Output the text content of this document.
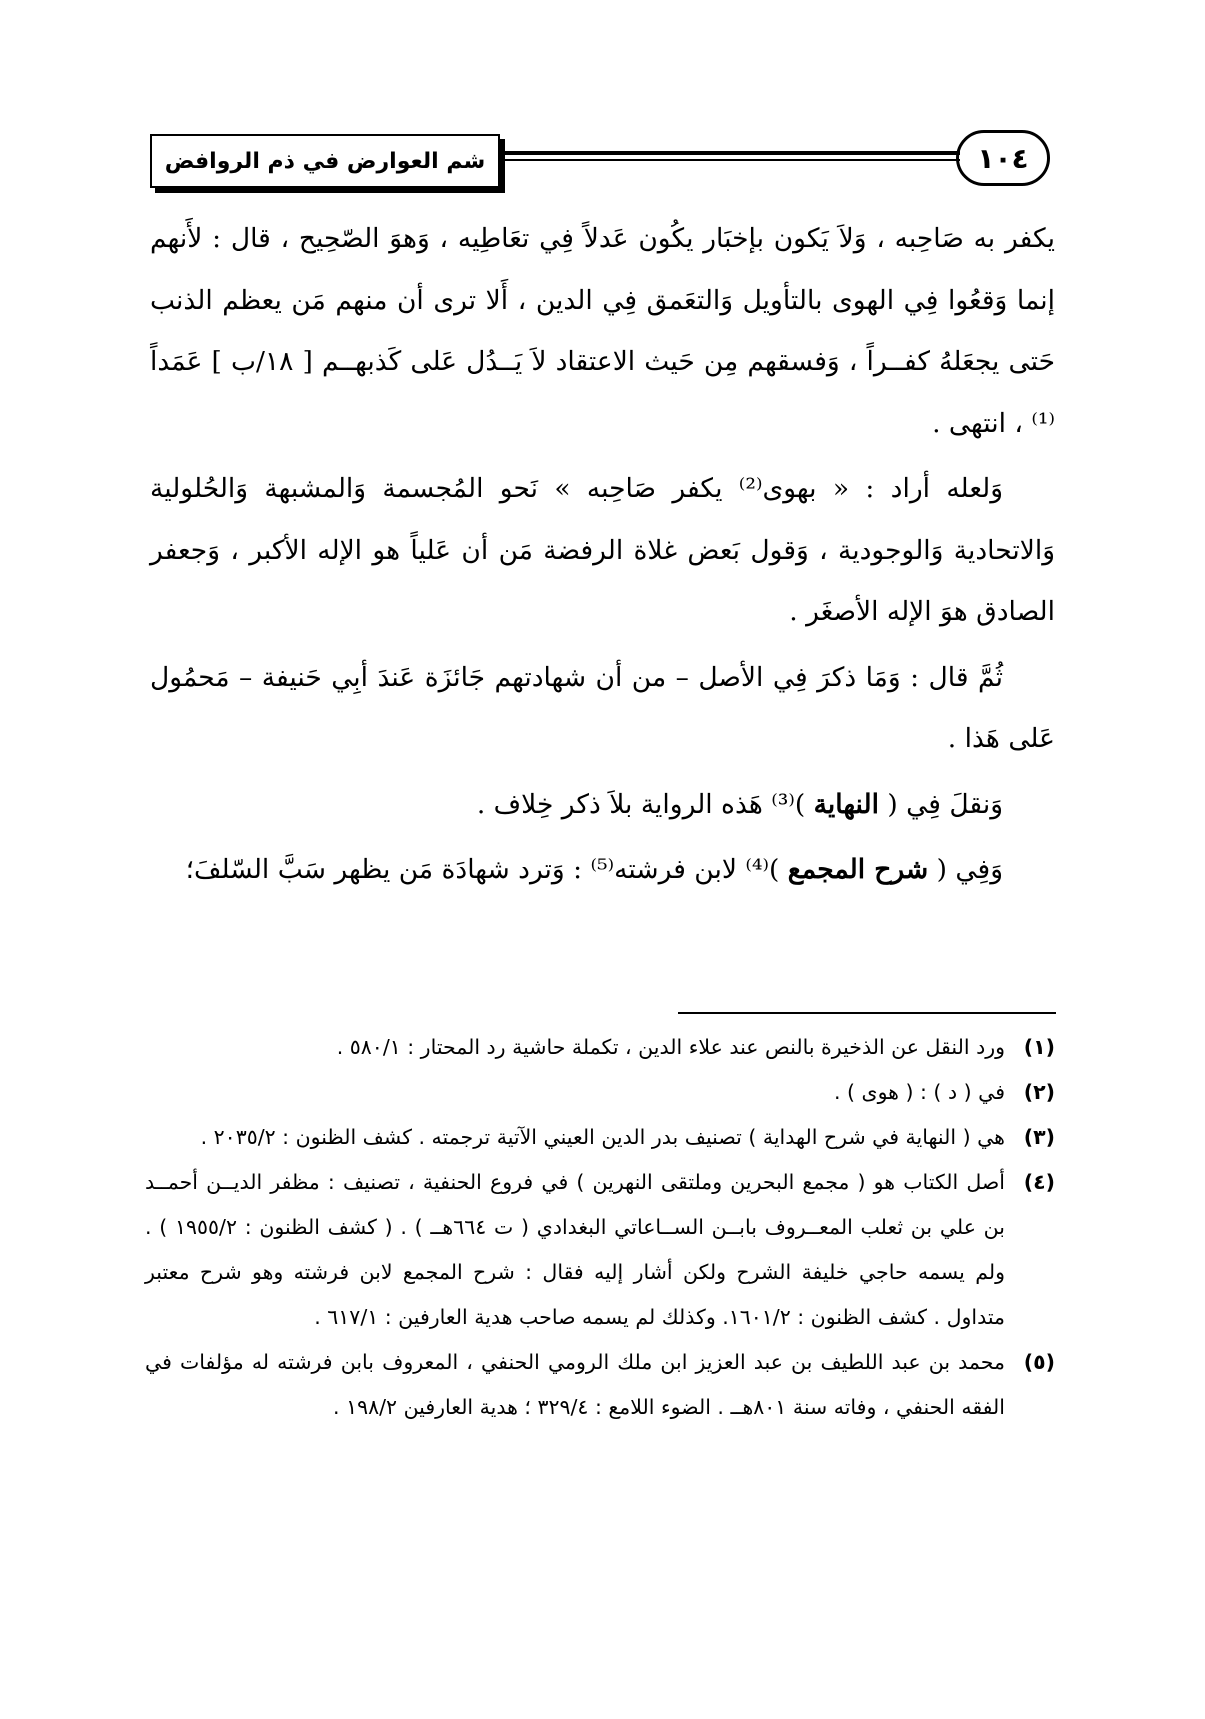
شم العوارض في ذم الروافض	١٠٤

يكفر به صَاحِبه ، وَلاَ يَكون بإخبَار يكُون عَدلاً فِي تعَاطِيه ، وَهوَ الصّحِيح ، قال : لأَنهم إنما وَقعُوا فِي الهوى بالتأويل وَالتعَمق فِي الدين ، أَلا ترى أن منهم مَن يعظم الذنب حَتى يجعَلهُ كفــراً ، وَفسقهم مِن حَيث الاعتقاد لاَ يَــدُل عَلى كَذبهــم [ ١٨/ب ] عَمَداً ⁽¹⁾ ، انتهى .

وَلعله أراد : « بهوى⁽²⁾ يكفر صَاحِبه » نَحو المُجسمة وَالمشبهة وَالحُلولية وَالاتحادية وَالوجودية ، وَقول بَعض غلاة الرفضة مَن أن عَلياً هو الإله الأكبر ، وَجعفر الصادق هوَ الإله الأصغَر .

ثُمَّ قال : وَمَا ذكرَ فِي الأصل – من أن شهادتهم جَائزَة عَندَ أبِي حَنيفة – مَحمُول عَلى هَذا .

وَنقلَ فِي ( النهاية )⁽³⁾ هَذه الرواية بلاَ ذكر خِلاف .

وَفِي ( شرح المجمع )⁽⁴⁾ لابن فرشته⁽⁵⁾ : وَترد شهادَة مَن يظهر سَبَّ السّلفَ؛

(١)
ورد النقل عن الذخيرة بالنص عند علاء الدين ، تكملة حاشية رد المحتار : ٥٨٠/١ .
(٢)
في ( د ) : ( هوى ) .
(٣)
هي ( النهاية في شرح الهداية ) تصنيف بدر الدين العيني الآتية ترجمته . كشف الظنون : ٢٠٣٥/٢ .
(٤)
أصل الكتاب هو ( مجمع البحرين وملتقى النهرين ) في فروع الحنفية ، تصنيف : مظفر الديــن أحمــد بن علي بن ثعلب المعــروف بابــن الســاعاتي البغدادي ( ت ٦٦٤هــ ) . ( كشف الظنون : ١٩٥٥/٢ ) . ولم يسمه حاجي خليفة الشرح ولكن أشار إليه فقال : شرح المجمع لابن فرشته وهو شرح معتبر متداول . كشف الظنون : ١٦٠١/٢. وكذلك لم يسمه صاحب هدية العارفين : ٦١٧/١ .
(٥)
محمد بن عبد اللطيف بن عبد العزيز ابن ملك الرومي الحنفي ، المعروف بابن فرشته له مؤلفات في الفقه الحنفي ، وفاته سنة ٨٠١هــ . الضوء اللامع : ٣٢٩/٤ ؛ هدية العارفين ١٩٨/٢ .
